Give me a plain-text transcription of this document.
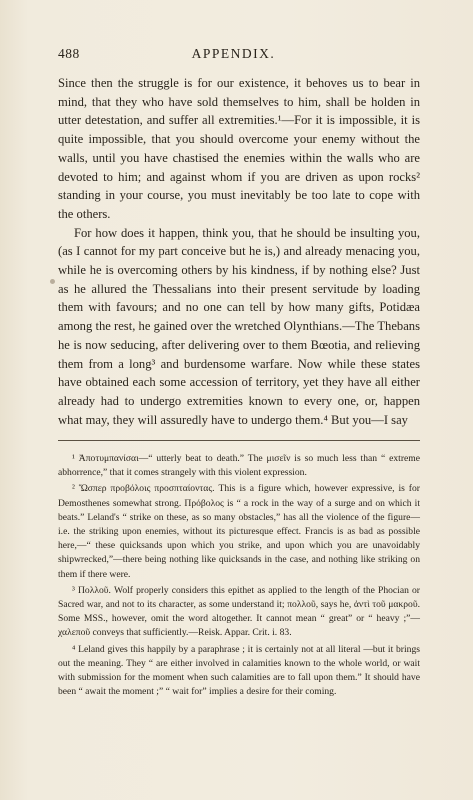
488	APPENDIX.

Since then the struggle is for our existence, it behoves us to bear in mind, that they who have sold themselves to him, shall be holden in utter detestation, and suffer all extremities.¹—For it is impossible, it is quite impossible, that you should overcome your enemy without the walls, until you have chastised the enemies within the walls who are devoted to him; and against whom if you are driven as upon rocks² standing in your course, you must inevitably be too late to cope with the others.

For how does it happen, think you, that he should be insulting you, (as I cannot for my part conceive but he is,) and already menacing you, while he is overcoming others by his kindness, if by nothing else? Just as he allured the Thessalians into their present servitude by loading them with favours; and no one can tell by how many gifts, Potidæa among the rest, he gained over the wretched Olynthians.—The Thebans he is now seducing, after delivering over to them Bœotia, and relieving them from a long³ and burdensome warfare. Now while these states have obtained each some accession of territory, yet they have all either already had to undergo extremities known to every one, or, happen what may, they will assuredly have to undergo them.⁴ But you—I say

¹ Ἀποτυμπανίσαι—“ utterly beat to death.” The μισεῖν is so much less than “ extreme abhorrence,” that it comes strangely with this violent expression.

² Ὥσπερ προβόλοις προσπταίοντας. This is a figure which, however expressive, is for Demosthenes somewhat strong. Πρόβολος is “ a rock in the way of a surge and on which it beats.” Leland's “ strike on these, as so many obstacles,” has all the violence of the figure—i.e. the striking upon enemies, without its picturesque effect. Francis is as bad as possible here,—“ these quicksands upon which you strike, and upon which you are unavoidably shipwrecked,”—there being nothing like quicksands in the case, and nothing like striking on them if there were.

³ Πολλοῦ. Wolf properly considers this epithet as applied to the length of the Phocian or Sacred war, and not to its character, as some understand it; πολλοῦ, says he, ἀντὶ τοῦ μακροῦ. Some MSS., however, omit the word altogether. It cannot mean “ great” or “ heavy ;”—χαλεποῦ conveys that sufficiently.—Reisk. Appar. Crit. i. 83.

⁴ Leland gives this happily by a paraphrase ; it is certainly not at all literal —but it brings out the meaning. They “ are either involved in calamities known to the whole world, or wait with submission for the moment when such calamities are to fall upon them.” It should have been “ await the moment ;” “ wait for” implies a desire for their coming.
